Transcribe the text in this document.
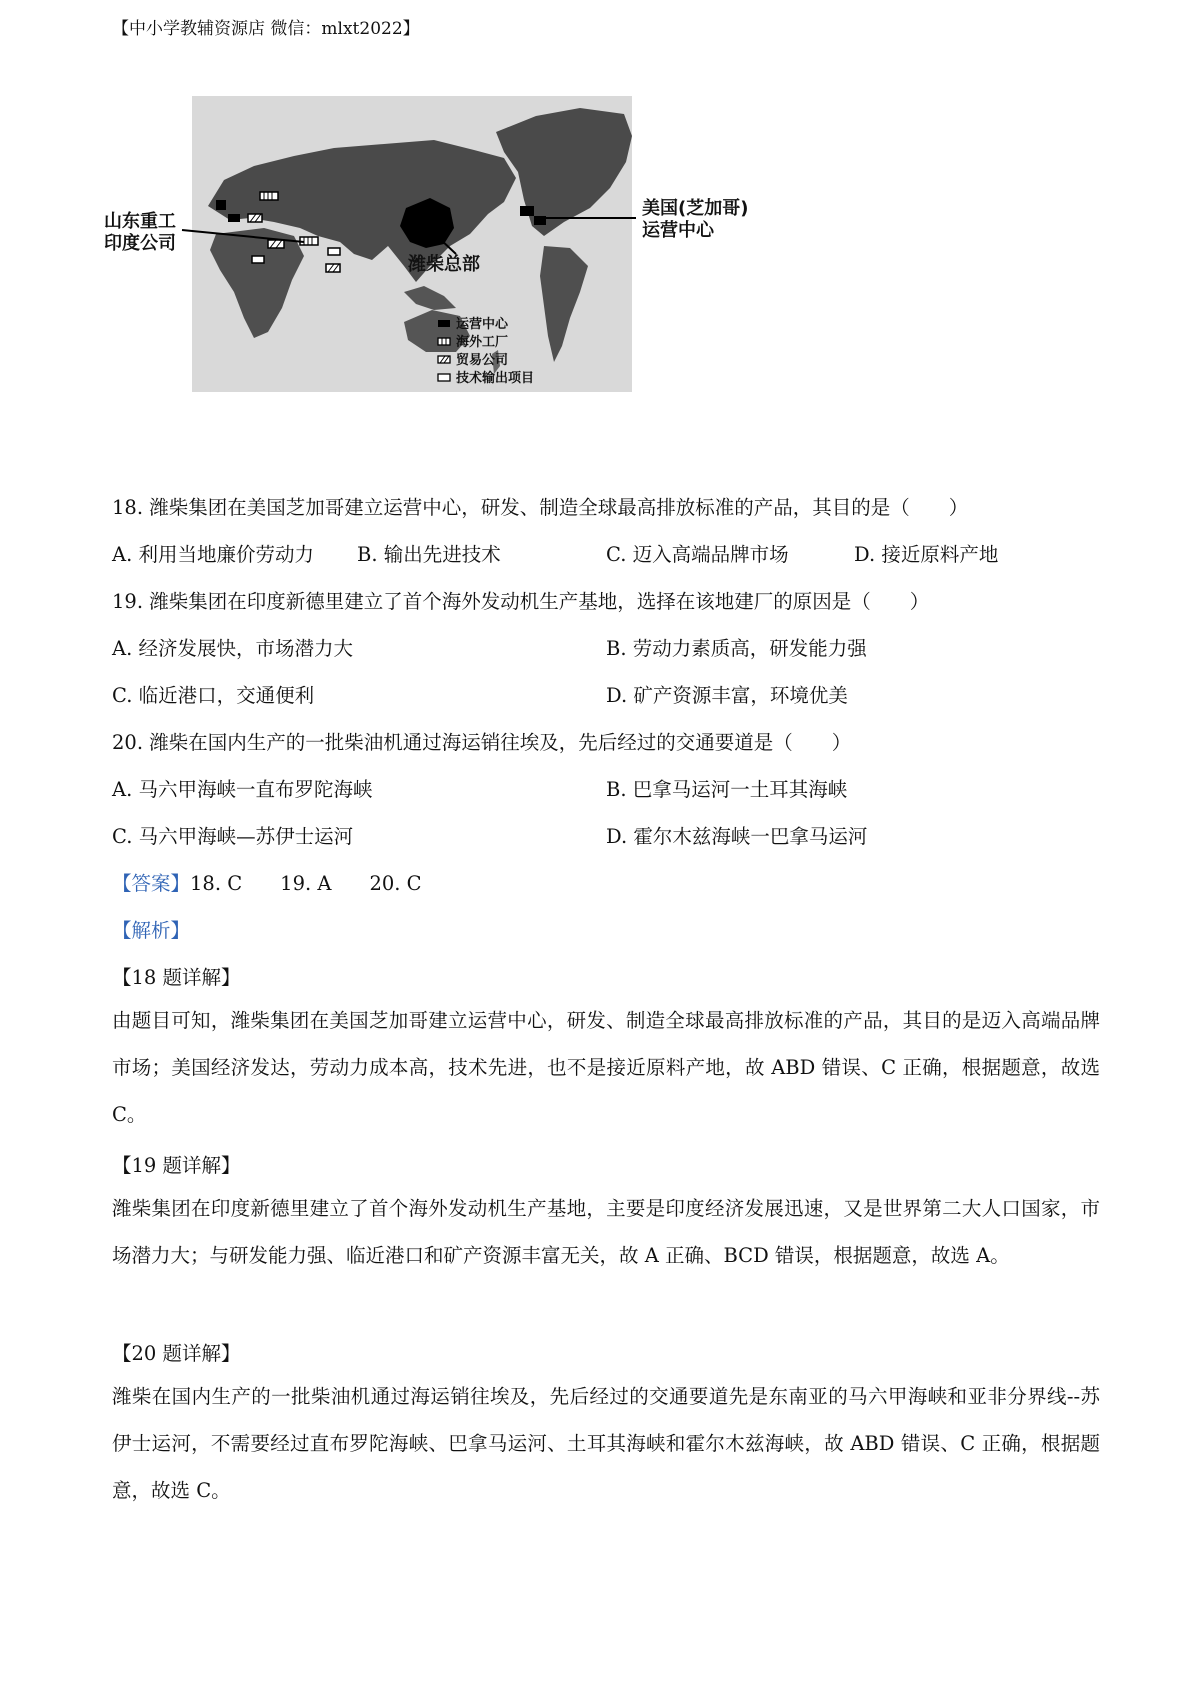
【中小学教辅资源店 微信：mlxt2022】
山东重工
印度公司
潍柴总部
美国(芝加哥)
运营中心
运营中心
海外工厂
贸易公司
技术输出项目
18. 潍柴集团在美国芝加哥建立运营中心，研发、制造全球最高排放标准的产品，其目的是（　　）
A. 利用当地廉价劳动力 B. 输出先进技术	C. 迈入高端品牌市场	D. 接近原料产地
19. 潍柴集团在印度新德里建立了首个海外发动机生产基地，选择在该地建厂的原因是（　　）
A. 经济发展快，市场潜力大	B. 劳动力素质高，研发能力强
C. 临近港口，交通便利	D. 矿产资源丰富，环境优美
20. 潍柴在国内生产的一批柴油机通过海运销往埃及，先后经过的交通要道是（　　）
A. 马六甲海峡一直布罗陀海峡	B. 巴拿马运河一土耳其海峡
C. 马六甲海峡—苏伊士运河	D. 霍尔木兹海峡一巴拿马运河
【答案】18. C 19. A 20. C
【解析】
【18 题详解】
由题目可知，潍柴集团在美国芝加哥建立运营中心，研发、制造全球最高排放标准的产品，其目的是迈入高端品牌市场；美国经济发达，劳动力成本高，技术先进，也不是接近原料产地，故 ABD 错误、C 正确，根据题意，故选 C。
【19 题详解】
潍柴集团在印度新德里建立了首个海外发动机生产基地，主要是印度经济发展迅速，又是世界第二大人口国家，市场潜力大；与研发能力强、临近港口和矿产资源丰富无关，故 A 正确、BCD 错误，根据题意，故选 A。
【20 题详解】
潍柴在国内生产的一批柴油机通过海运销往埃及，先后经过的交通要道先是东南亚的马六甲海峡和亚非分界线--苏伊士运河，不需要经过直布罗陀海峡、巴拿马运河、土耳其海峡和霍尔木兹海峡，故 ABD 错误、C 正确，根据题意，故选 C。
